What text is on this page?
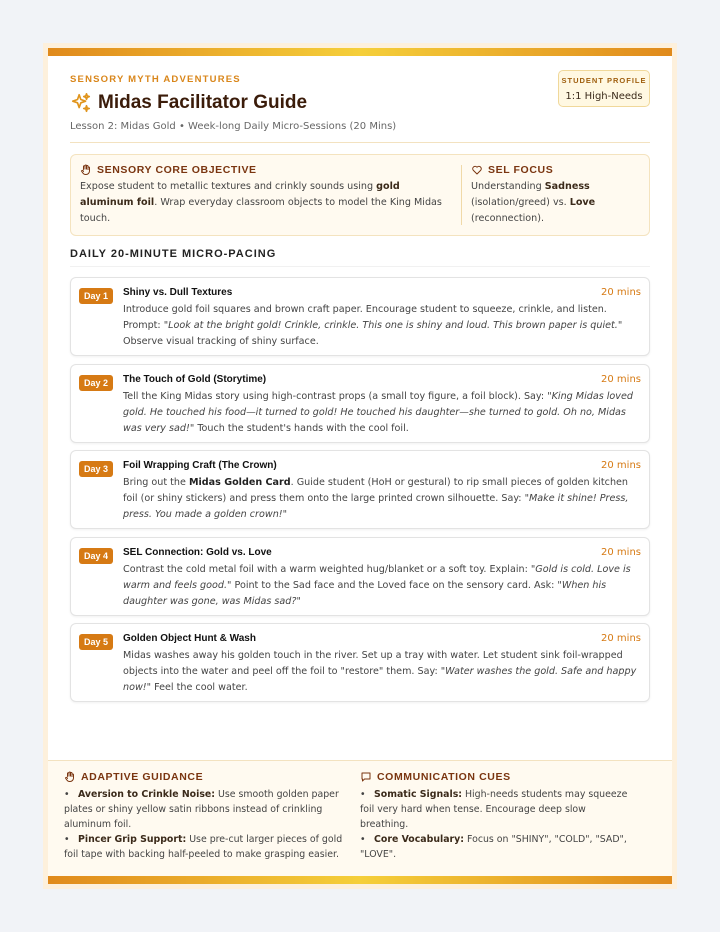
SENSORY MYTH ADVENTURES
Midas Facilitator Guide
Lesson 2: Midas Gold • Week-long Daily Micro-Sessions (20 Mins)
STUDENT PROFILE
1:1 High-Needs
SENSORY CORE OBJECTIVE
Expose student to metallic textures and crinkly sounds using gold aluminum foil. Wrap everyday classroom objects to model the King Midas touch.
SEL FOCUS
Understanding Sadness (isolation/greed) vs. Love (reconnection).
DAILY 20-MINUTE MICRO-PACING
Day 1	Shiny vs. Dull Textures	20 mins
Introduce gold foil squares and brown craft paper. Encourage student to squeeze, crinkle, and listen. Prompt: "Look at the bright gold! Crinkle, crinkle. This one is shiny and loud. This brown paper is quiet." Observe visual tracking of shiny surface.
Day 2	The Touch of Gold (Storytime)	20 mins
Tell the King Midas story using high-contrast props (a small toy figure, a foil block). Say: "King Midas loved gold. He touched his food—it turned to gold! He touched his daughter—she turned to gold. Oh no, Midas was very sad!" Touch the student's hands with the cool foil.
Day 3	Foil Wrapping Craft (The Crown)	20 mins
Bring out the Midas Golden Card. Guide student (HoH or gestural) to rip small pieces of golden kitchen foil (or shiny stickers) and press them onto the large printed crown silhouette. Say: "Make it shine! Press, press. You made a golden crown!"
Day 4	SEL Connection: Gold vs. Love	20 mins
Contrast the cold metal foil with a warm weighted hug/blanket or a soft toy. Explain: "Gold is cold. Love is warm and feels good." Point to the Sad face and the Loved face on the sensory card. Ask: "When his daughter was gone, was Midas sad?"
Day 5	Golden Object Hunt & Wash	20 mins
Midas washes away his golden touch in the river. Set up a tray with water. Let student sink foil-wrapped objects into the water and peel off the foil to "restore" them. Say: "Water washes the gold. Safe and happy now!" Feel the cool water.
ADAPTIVE GUIDANCE
• Aversion to Crinkle Noise: Use smooth golden paper plates or shiny yellow satin ribbons instead of crinkling aluminum foil.
• Pincer Grip Support: Use pre-cut larger pieces of gold foil tape with backing half-peeled to make grasping easier.
COMMUNICATION CUES
• Somatic Signals: High-needs students may squeeze foil very hard when tense. Encourage deep slow breathing.
• Core Vocabulary: Focus on "SHINY", "COLD", "SAD", "LOVE".
